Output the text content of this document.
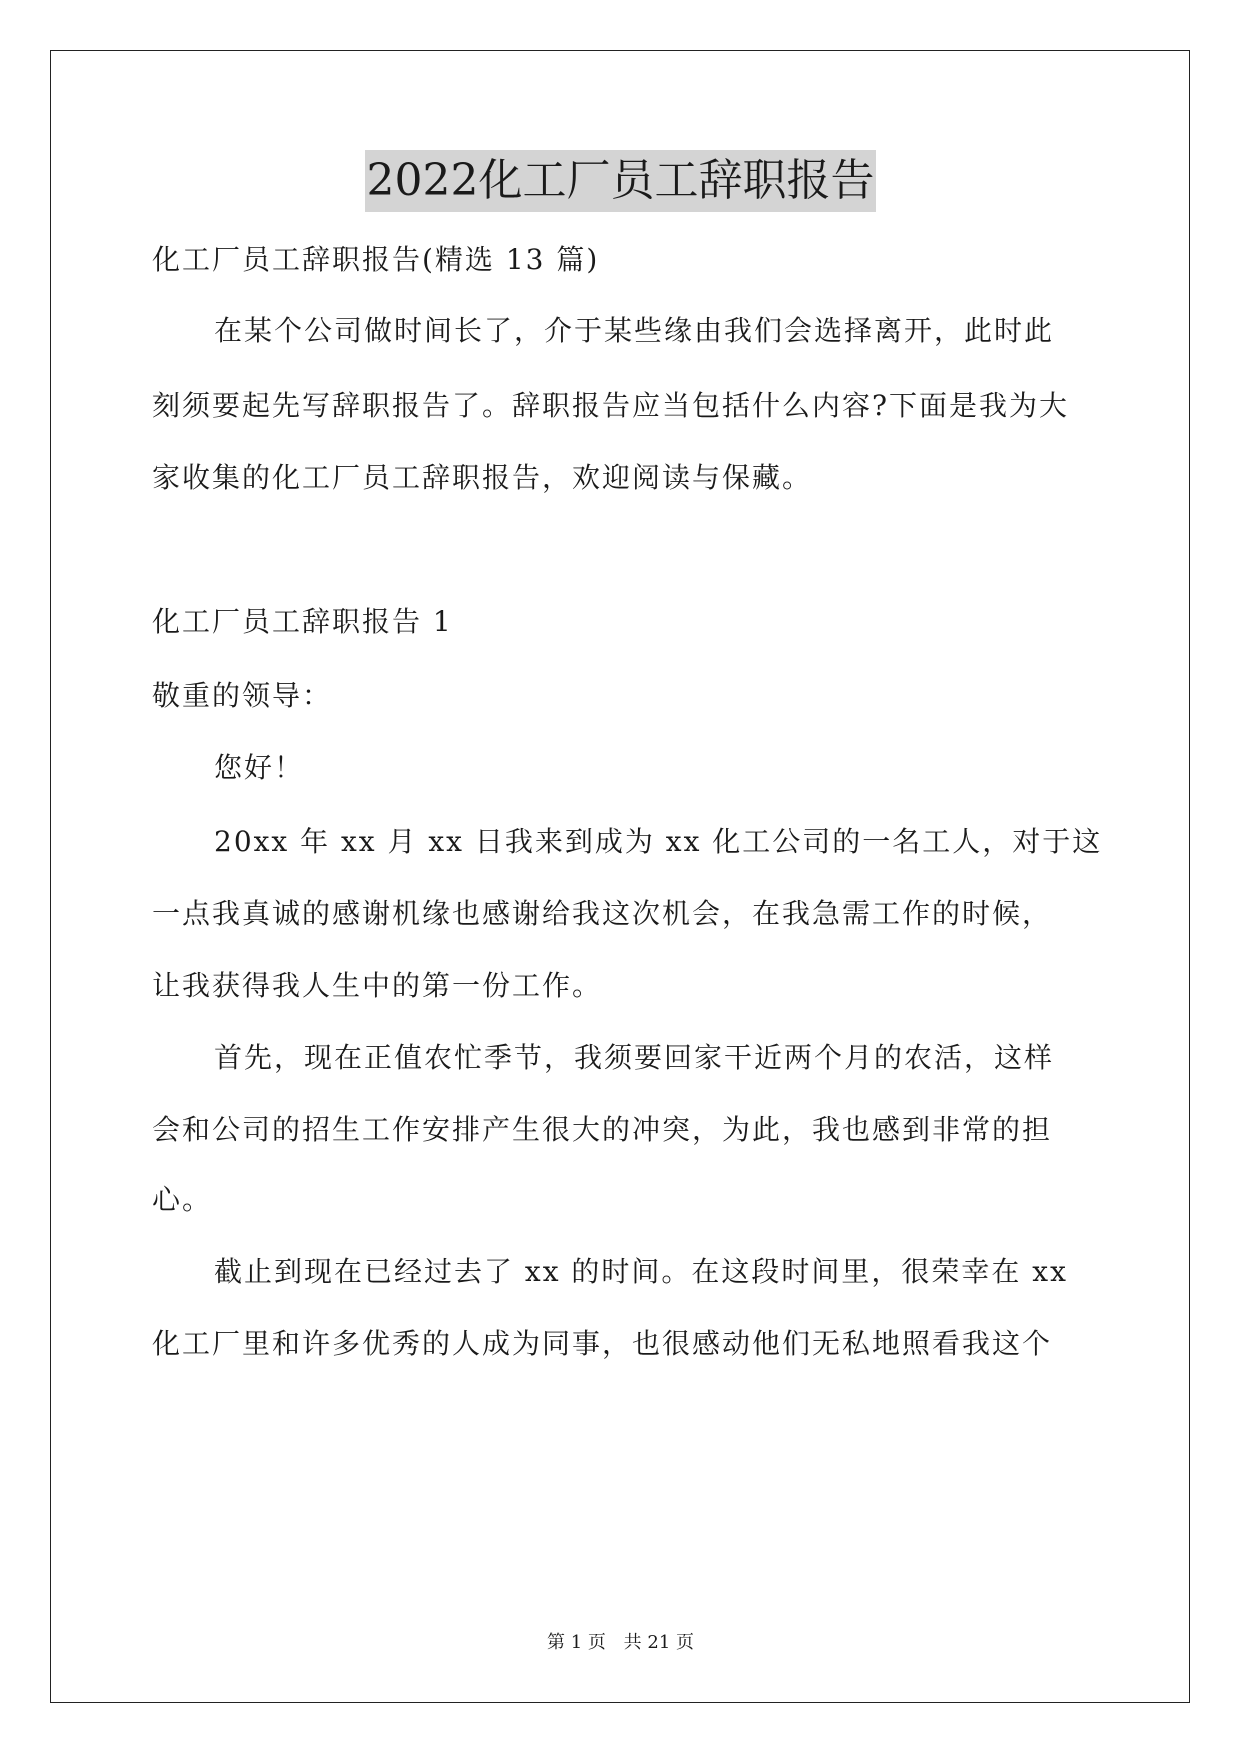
2022化工厂员工辞职报告
化工厂员工辞职报告(精选 13 篇)
在某个公司做时间长了，介于某些缘由我们会选择离开，此时此
刻须要起先写辞职报告了。辞职报告应当包括什么内容?下面是我为大
家收集的化工厂员工辞职报告，欢迎阅读与保藏。
化工厂员工辞职报告 1
敬重的领导：
您好！
20xx 年 xx 月 xx 日我来到成为 xx 化工公司的一名工人，对于这
一点我真诚的感谢机缘也感谢给我这次机会，在我急需工作的时候，
让我获得我人生中的第一份工作。
首先，现在正值农忙季节，我须要回家干近两个月的农活，这样
会和公司的招生工作安排产生很大的冲突，为此，我也感到非常的担
心。
截止到现在已经过去了 xx 的时间。在这段时间里，很荣幸在 xx
化工厂里和许多优秀的人成为同事，也很感动他们无私地照看我这个
第 1 页 共 21 页
